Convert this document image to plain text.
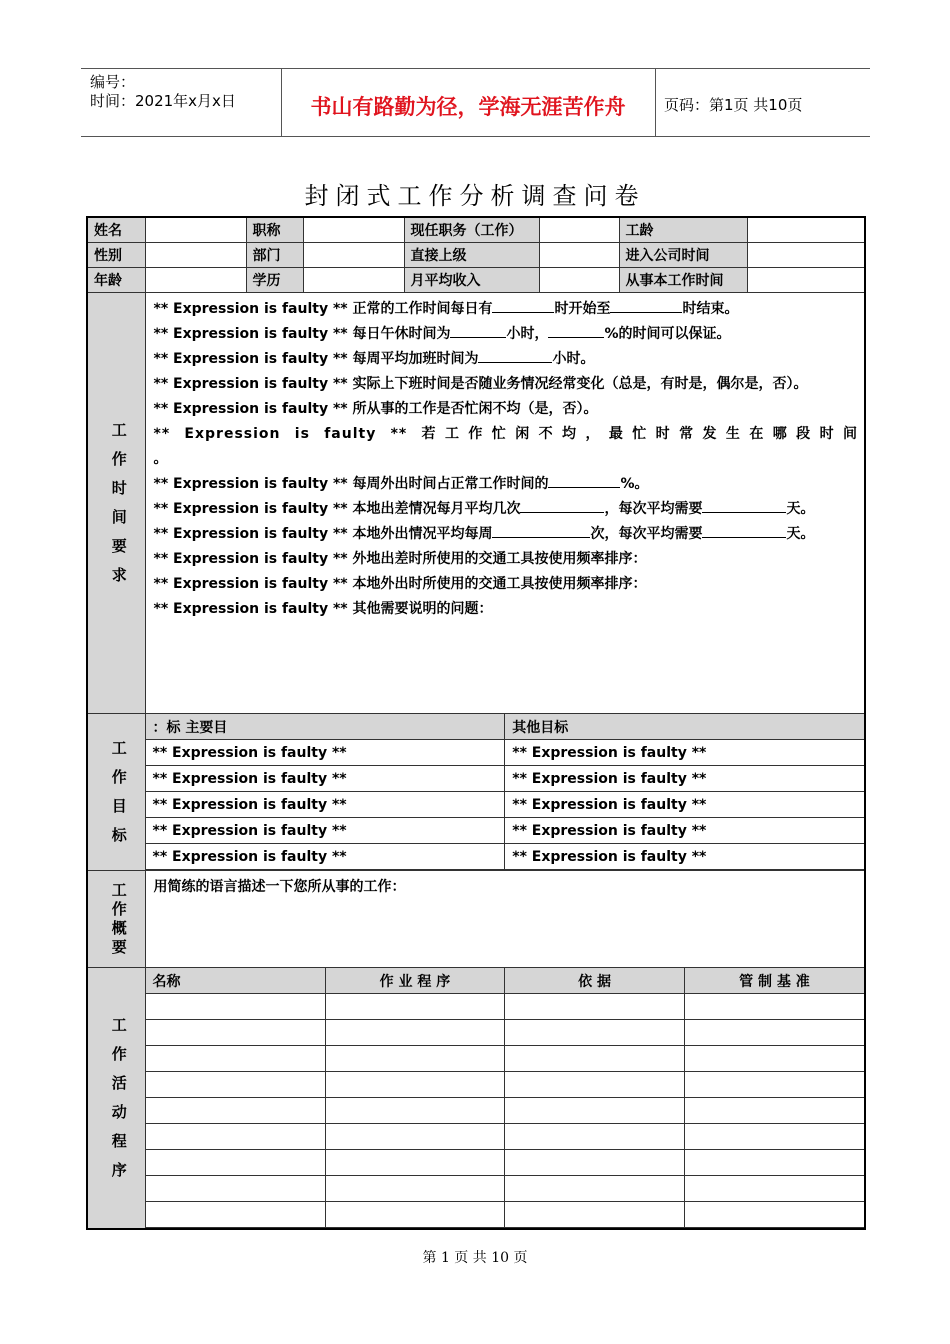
编号：
时间：2021年x月x日	书山有路勤为径，学海无涯苦作舟	页码：第1页 共10页
封闭式工作分析调查问卷
姓名		职称		现任职务（工作）		工龄	
性别		部门		直接上级		进入公司时间	
年龄		学历		月平均收入		从事本工作时间	

工
作
时
间
要
求

** Expression is faulty ** 正常的工作时间每日有	时开始至	时结束。
** Expression is faulty ** 每日午休时间为	小时，	%的时间可以保证。
** Expression is faulty ** 每周平均加班时间为	小时。
** Expression is faulty ** 实际上下班时间是否随业务情况经常变化（总是，有时是，偶尔是，否）。
** Expression is faulty ** 所从事的工作是否忙闲不均（是，否）。
** Expression is faulty ** 若工作忙闲不均，最忙时常发生在哪段时间
。
** Expression is faulty ** 每周外出时间占正常工作时间的	%。
** Expression is faulty ** 本地出差情况每月平均几次	，每次平均需要	天。
** Expression is faulty ** 本地外出情况平均每周	次，每次平均需要	天。
** Expression is faulty ** 外地出差时所使用的交通工具按使用频率排序：
** Expression is faulty ** 本地外出时所使用的交通工具按使用频率排序：
** Expression is faulty ** 其他需要说明的问题：

工
作
目
标

：标 主要目	其他目标
** Expression is faulty **	** Expression is faulty **
** Expression is faulty **	** Expression is faulty **
** Expression is faulty **	** Expression is faulty **
** Expression is faulty **	** Expression is faulty **
** Expression is faulty **	** Expression is faulty **

工
作
概
要

用简练的语言描述一下您所从事的工作：

工
作
活
动
程
序

名称	作 业 程 序	依 据	管 制 基 准

第 1 页 共 10 页
